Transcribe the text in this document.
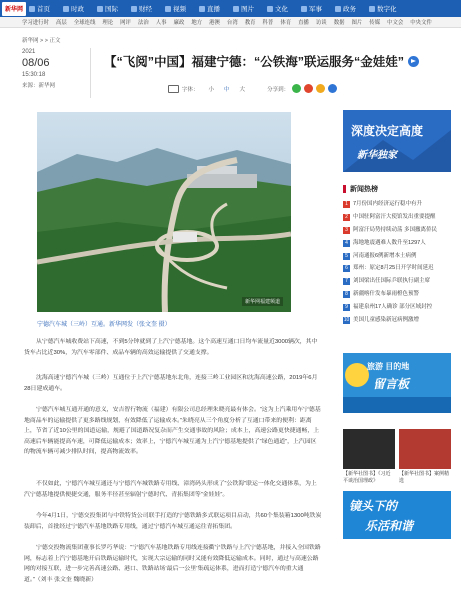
新华网	首页	时政	国际	财经	视频	直播	图片	文化	军事	政务	数字化
学习进行时 高层 全球连线 理论 网评 法治 人事 廉政 地方 港澳 台湾 教育 科普 体育 直播 访谈 数据 图片 传媒 中文会 中央文件
新华网 > > 正文
2021
08/06
15:30:18
来源：新华网
【“飞阅”中国】福建宁德：“公铁海”联运服务“金娃娃”
字体： 小 中 大	分享到：
新华网福建频道
宁德汽车城（三岭）互通。新华网发（张文奎 摄）
从宁德汽车城收费站下高速，不到5分钟就到了上汽宁德基地。这个高速互通口日均车流量近3000辆次，其中货车占比近30%，为汽车零部件、成品车辆的高效运输提供了交通支撑。
沈海高速宁德汽车城（三岭）互通位于上汽宁德基地东北角，连接三岭工业园区和沈海高速公路，2019年6月28日建成通车。
宁德汽车城互通开通的意义，安吉智行物流（福建）有限公司总经理朱晓亮最有体会。“这为上汽乘用车宁德基地商品车的运输提供了更多路线规划，有效降低了运输成本。”朱晓亮从三个角度分析了互通口带来的便利：距离上，节省了近10公里的国道运输，规避了国道路况复杂而产生交通事故的风险；成本上，高速公路更快捷通畅，上高速后车辆能提高车速，可降低运输成本；效率上，宁德汽车城互通为上汽宁德基地提供了“绿色通道”，上汽园区的物流车辆可减少排队时间，提高物流效率。
不仅如此，宁德汽车城互通还与宁德汽车城铁路专用线、漳湾码头形成了“公铁海”联运一体化交通体系，为上汽宁德基地提供便捷交通，服务半径甚至辐射宁德时代、青拓集团等“金娃娃”。
今年4月1日，宁德交投集团与中铁特货公司联手打造的宁德铁路多式联运项目启动，共60个集装箱1300吨铁炭装卸后，首批经过宁德汽车基地铁路专用线，通过宁德汽车城互通运往青拓集团。
宁德交投物流集团董事长罗巧华说：“宁德汽车基地铁路专用线连接衢宁铁路与上汽宁德基地，并接入全国铁路网，标志着上汽宁德基地开启铁路运输时代，实现大宗运输的同时又能有效降低运输成本。同时，通过与高速公路网的对接互联，进一步完善高速公路、港口、铁路站场‘最后一公里’集疏运体系，进而打造宁德汽车的重大通道。”（刘丰 张文奎 魏晓新）
深度决定高度
新华独家
新闻热榜
1 7月份国内经济运行稳中有升
2 中国驻阿富汗大使馆发出重要提醒
3 阿富汗局势持续动荡 多国撤离侨民
4 海地地震遇难人数升至1297人
5 河南通报6例新增本土病例
6 郑州：原定8月25日开学时间延迟
7 刘国梁出任国际乒联执行副主席
8 新疆喀什发布暴雨橙色预警
9 福建泉州17人确诊 部分区域封控
10 美国儿童感染新冠病例激增
旅游 目的地
留言板
【新华社图书】《习近平谈治国理政》
【新华社图书】案例精选
镜头下的
乐活和谐
